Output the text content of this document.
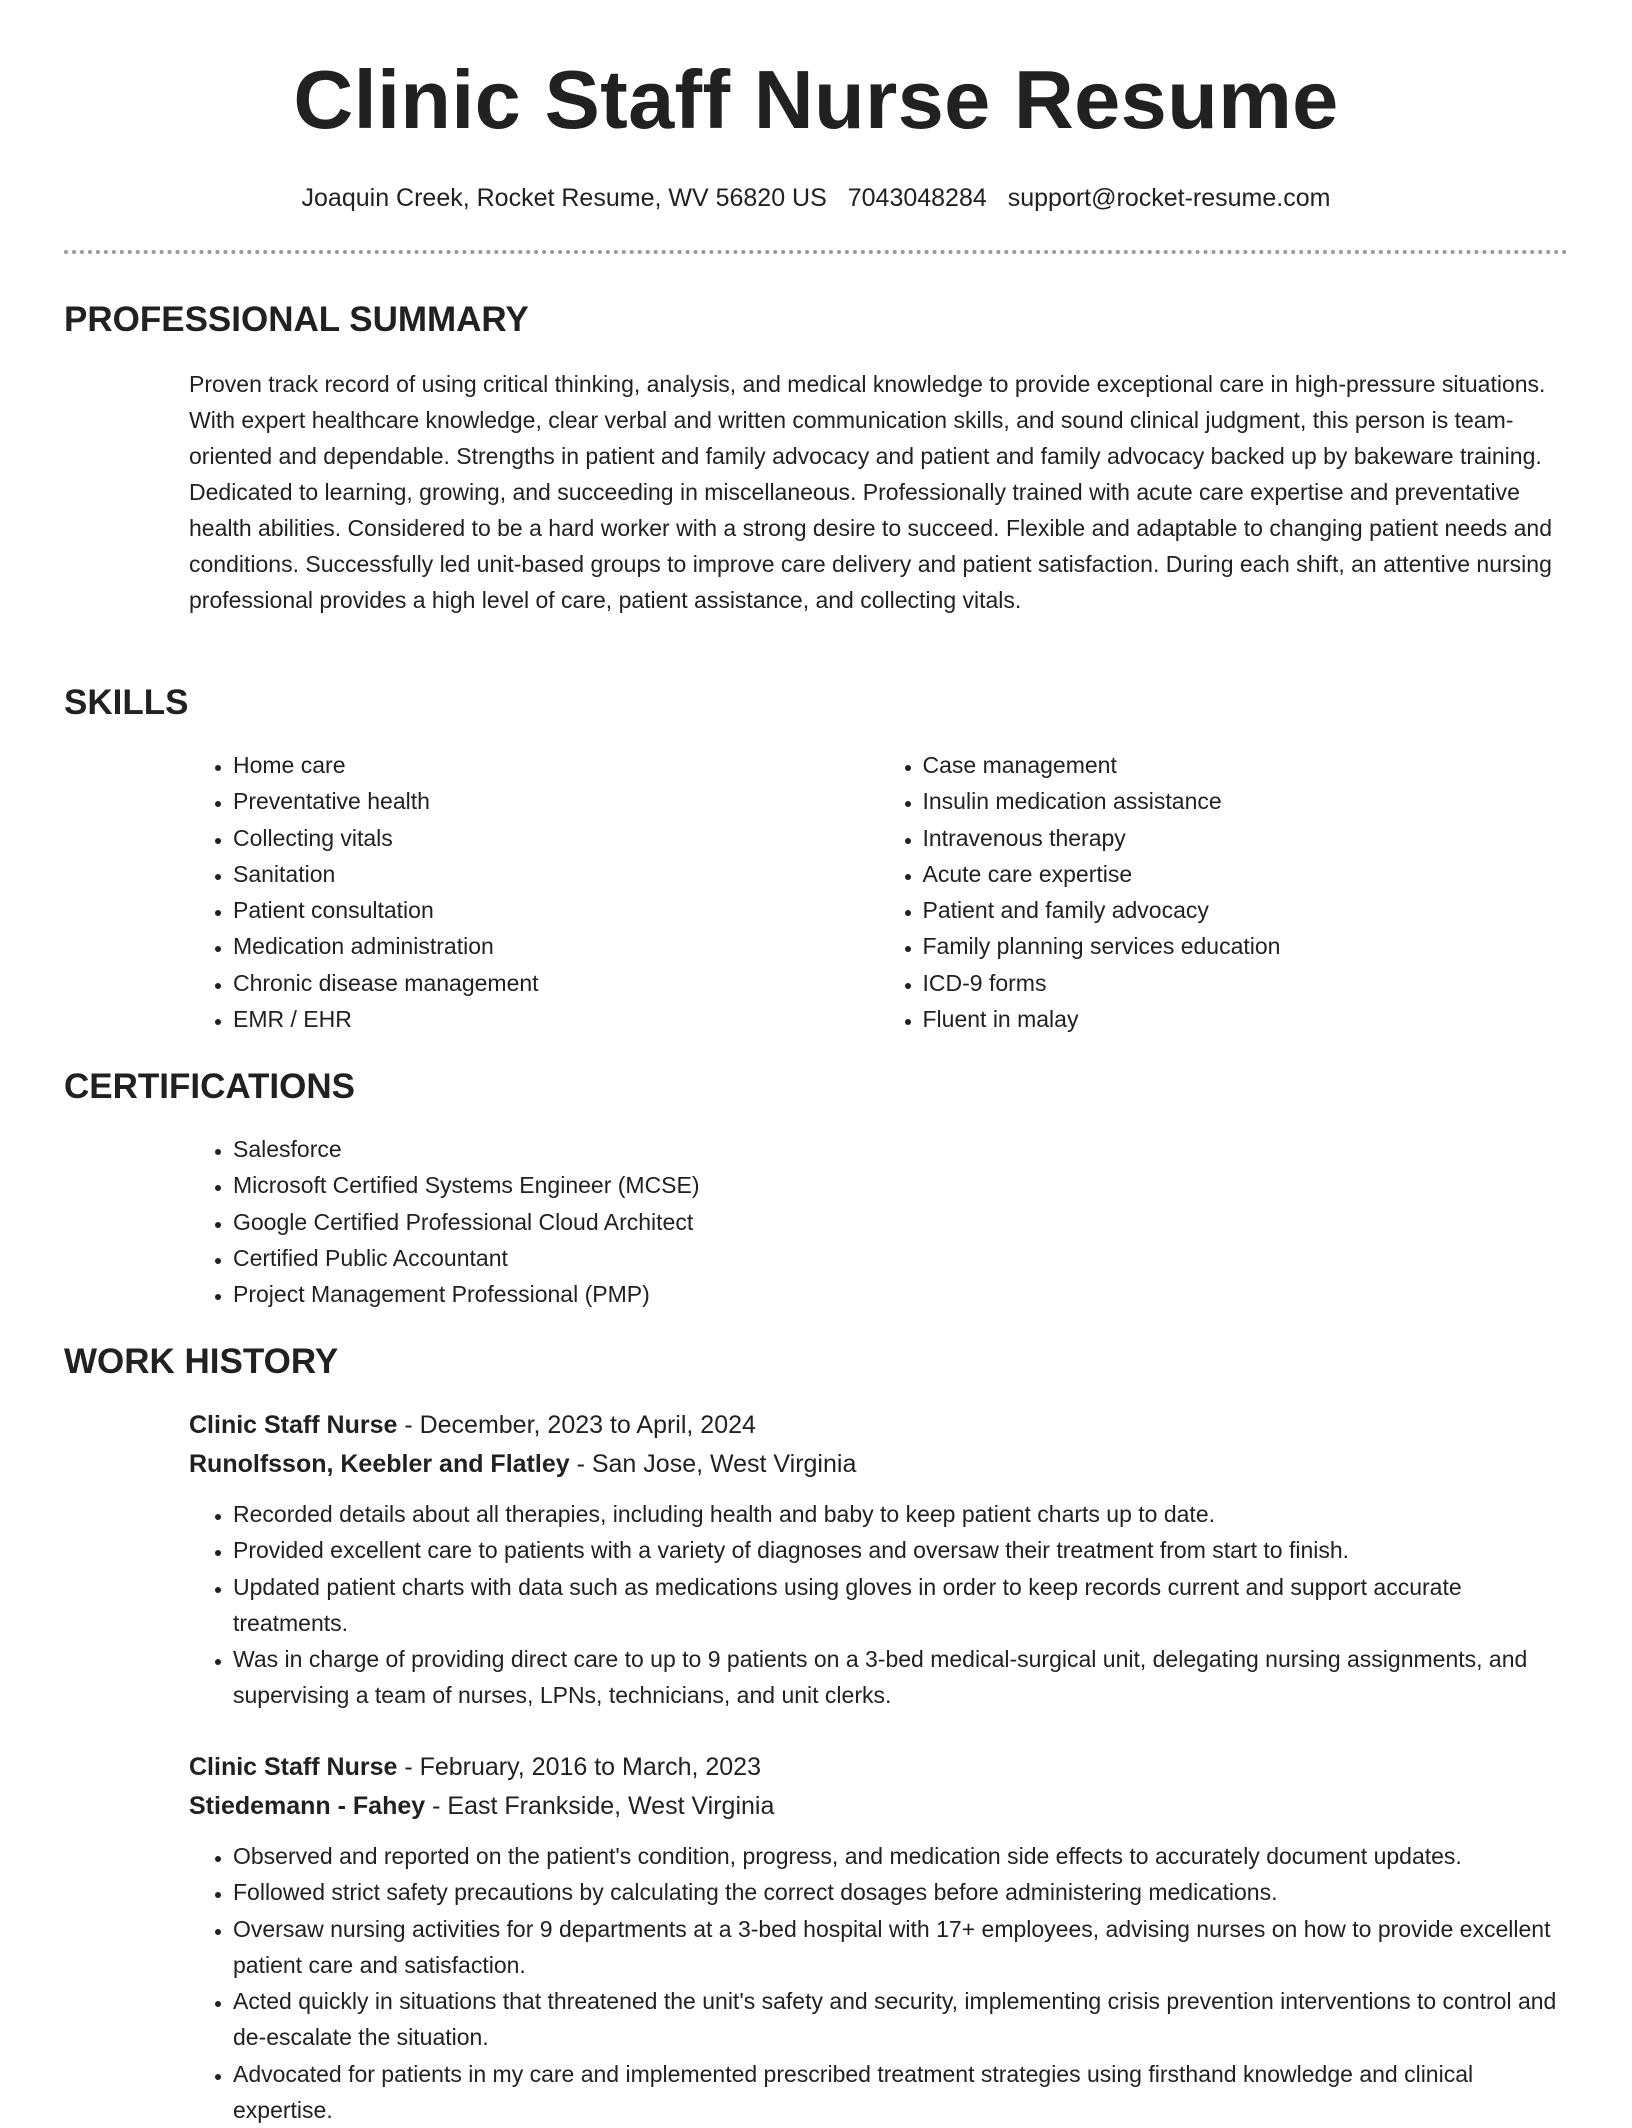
Clinic Staff Nurse Resume
Joaquin Creek, Rocket Resume, WV 56820 US 7043048284 support@rocket-resume.com
PROFESSIONAL SUMMARY

Proven track record of using critical thinking, analysis, and medical knowledge to provide exceptional care in high-pressure situations. With expert healthcare knowledge, clear verbal and written communication skills, and sound clinical judgment, this person is team-oriented and dependable. Strengths in patient and family advocacy and patient and family advocacy backed up by bakeware training. Dedicated to learning, growing, and succeeding in miscellaneous. Professionally trained with acute care expertise and preventative health abilities. Considered to be a hard worker with a strong desire to succeed. Flexible and adaptable to changing patient needs and conditions. Successfully led unit-based groups to improve care delivery and patient satisfaction. During each shift, an attentive nursing professional provides a high level of care, patient assistance, and collecting vitals.

SKILLS
• Home care
• Preventative health
• Collecting vitals
• Sanitation
• Patient consultation
• Medication administration
• Chronic disease management
• EMR / EHR
• Case management
• Insulin medication assistance
• Intravenous therapy
• Acute care expertise
• Patient and family advocacy
• Family planning services education
• ICD-9 forms
• Fluent in malay
CERTIFICATIONS
• Salesforce
• Microsoft Certified Systems Engineer (MCSE)
• Google Certified Professional Cloud Architect
• Certified Public Accountant
• Project Management Professional (PMP)
WORK HISTORY
Clinic Staff Nurse - December, 2023 to April, 2024
Runolfsson, Keebler and Flatley - San Jose, West Virginia
• Recorded details about all therapies, including health and baby to keep patient charts up to date.
• Provided excellent care to patients with a variety of diagnoses and oversaw their treatment from start to finish.
• Updated patient charts with data such as medications using gloves in order to keep records current and support accurate treatments.
• Was in charge of providing direct care to up to 9 patients on a 3-bed medical-surgical unit, delegating nursing assignments, and supervising a team of nurses, LPNs, technicians, and unit clerks.
Clinic Staff Nurse - February, 2016 to March, 2023
Stiedemann - Fahey - East Frankside, West Virginia
• Observed and reported on the patient's condition, progress, and medication side effects to accurately document updates.
• Followed strict safety precautions by calculating the correct dosages before administering medications.
• Oversaw nursing activities for 9 departments at a 3-bed hospital with 17+ employees, advising nurses on how to provide excellent patient care and satisfaction.
• Acted quickly in situations that threatened the unit's safety and security, implementing crisis prevention interventions to control and de-escalate the situation.
• Advocated for patients in my care and implemented prescribed treatment strategies using firsthand knowledge and clinical expertise.
